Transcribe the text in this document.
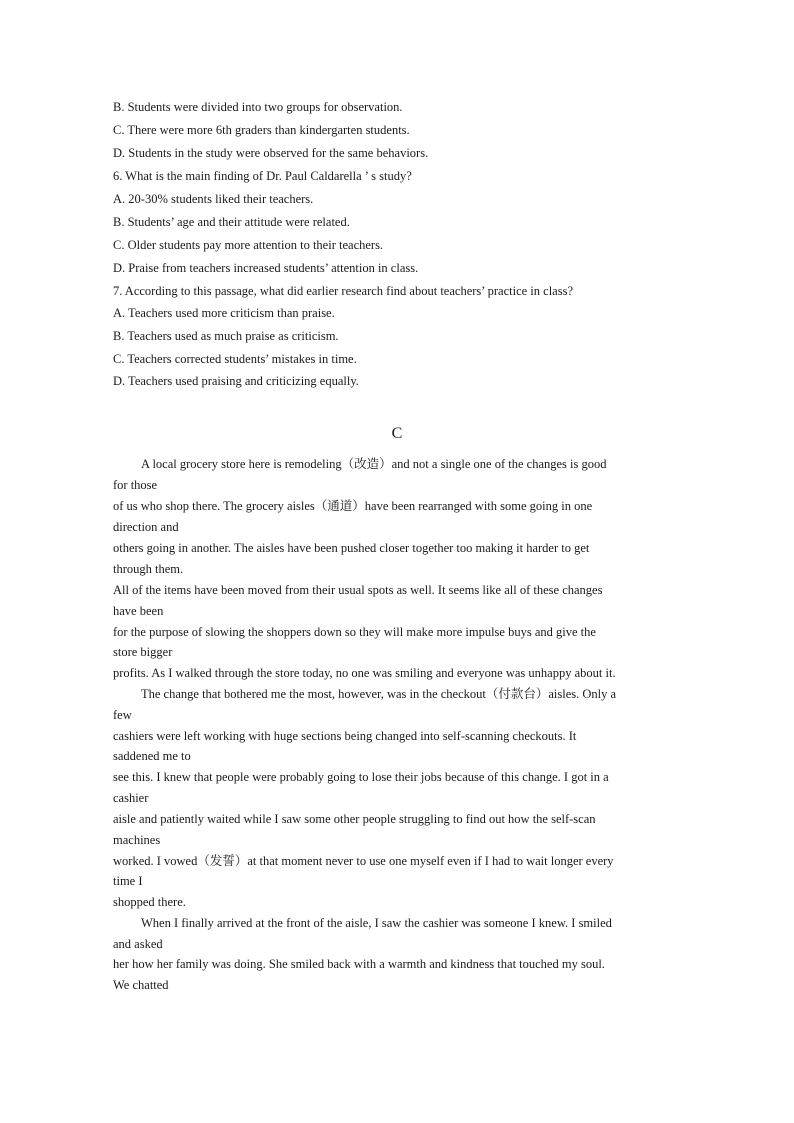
B. Students were divided into two groups for observation.
C. There were more 6th graders than kindergarten students.
D. Students in the study were observed for the same behaviors.
6. What is the main finding of Dr. Paul Caldarella ’ s study?
A. 20-30% students liked their teachers.
B. Students’ age and their attitude were related.
C. Older students pay more attention to their teachers.
D. Praise from teachers increased students’ attention in class.
7. According to this passage, what did earlier research find about teachers’ practice in class?
A. Teachers used more criticism than praise.
B. Teachers used as much praise as criticism.
C. Teachers corrected students’ mistakes in time.
D. Teachers used praising and criticizing equally.
C
A local grocery store here is remodeling（改造）and not a single one of the changes is good
for those
of us who shop there. The grocery aisles（通道）have been rearranged with some going in one
direction and
others going in another. The aisles have been pushed closer together too making it harder to get
through them.
All of the items have been moved from their usual spots as well. It seems like all of these changes
have been
for the purpose of slowing the shoppers down so they will make more impulse buys and give the
store bigger
profits. As I walked through the store today, no one was smiling and everyone was unhappy about it.
The change that bothered me the most, however, was in the checkout（付款台）aisles. Only a
few
cashiers were left working with huge sections being changed into self-scanning checkouts. It
saddened me to
see this. I knew that people were probably going to lose their jobs because of this change. I got in a
cashier
aisle and patiently waited while I saw some other people struggling to find out how the self-scan
machines
worked. I vowed（发誓）at that moment never to use one myself even if I had to wait longer every
time I
shopped there.
When I finally arrived at the front of the aisle, I saw the cashier was someone I knew. I smiled
and asked
her how her family was doing. She smiled back with a warmth and kindness that touched my soul.
We chatted
